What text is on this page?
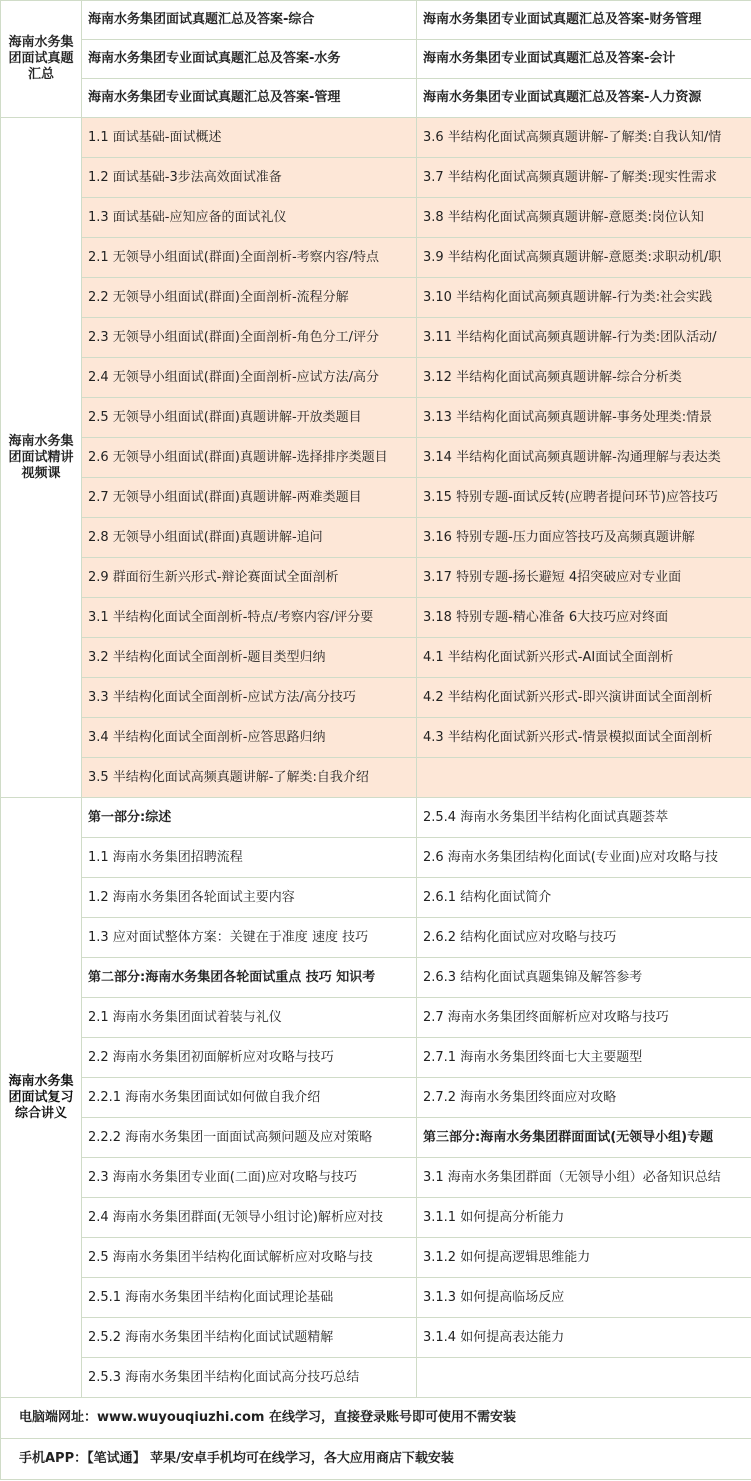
海南水务集团面试真题汇总	海南水务集团面试真题汇总及答案-综合	海南水务集团专业面试真题汇总及答案-财务管理
	海南水务集团专业面试真题汇总及答案-水务	海南水务集团专业面试真题汇总及答案-会计
	海南水务集团专业面试真题汇总及答案-管理	海南水务集团专业面试真题汇总及答案-人力资源
海南水务集团面试精讲视频课	1.1 面试基础-面试概述	3.6 半结构化面试高频真题讲解-了解类:自我认知/情
	1.2 面试基础-3步法高效面试准备	3.7 半结构化面试高频真题讲解-了解类:现实性需求
	1.3 面试基础-应知应备的面试礼仪	3.8 半结构化面试高频真题讲解-意愿类:岗位认知
	2.1 无领导小组面试(群面)全面剖析-考察内容/特点	3.9 半结构化面试高频真题讲解-意愿类:求职动机/职
	2.2 无领导小组面试(群面)全面剖析-流程分解	3.10 半结构化面试高频真题讲解-行为类:社会实践
	2.3 无领导小组面试(群面)全面剖析-角色分工/评分	3.11 半结构化面试高频真题讲解-行为类:团队活动/
	2.4 无领导小组面试(群面)全面剖析-应试方法/高分	3.12 半结构化面试高频真题讲解-综合分析类
	2.5 无领导小组面试(群面)真题讲解-开放类题目	3.13 半结构化面试高频真题讲解-事务处理类:情景
	2.6 无领导小组面试(群面)真题讲解-选择排序类题目	3.14 半结构化面试高频真题讲解-沟通理解与表达类
	2.7 无领导小组面试(群面)真题讲解-两难类题目	3.15 特别专题-面试反转(应聘者提问环节)应答技巧
	2.8 无领导小组面试(群面)真题讲解-追问	3.16 特别专题-压力面应答技巧及高频真题讲解
	2.9 群面衍生新兴形式-辩论赛面试全面剖析	3.17 特别专题-扬长避短 4招突破应对专业面
	3.1 半结构化面试全面剖析-特点/考察内容/评分要	3.18 特别专题-精心准备 6大技巧应对终面
	3.2 半结构化面试全面剖析-题目类型归纳	4.1 半结构化面试新兴形式-AI面试全面剖析
	3.3 半结构化面试全面剖析-应试方法/高分技巧	4.2 半结构化面试新兴形式-即兴演讲面试全面剖析
	3.4 半结构化面试全面剖析-应答思路归纳	4.3 半结构化面试新兴形式-情景模拟面试全面剖析
	3.5 半结构化面试高频真题讲解-了解类:自我介绍	
海南水务集团面试复习综合讲义	第一部分:综述	2.5.4 海南水务集团半结构化面试真题荟萃
	1.1 海南水务集团招聘流程	2.6 海南水务集团结构化面试(专业面)应对攻略与技
	1.2 海南水务集团各轮面试主要内容	2.6.1 结构化面试简介
	1.3 应对面试整体方案：关键在于准度 速度 技巧	2.6.2 结构化面试应对攻略与技巧
	第二部分:海南水务集团各轮面试重点 技巧 知识考	2.6.3 结构化面试真题集锦及解答参考
	2.1 海南水务集团面试着装与礼仪	2.7 海南水务集团终面解析应对攻略与技巧
	2.2 海南水务集团初面解析应对攻略与技巧	2.7.1 海南水务集团终面七大主要题型
	2.2.1 海南水务集团面试如何做自我介绍	2.7.2 海南水务集团终面应对攻略
	2.2.2 海南水务集团一面面试高频问题及应对策略	第三部分:海南水务集团群面面试(无领导小组)专题
	2.3 海南水务集团专业面(二面)应对攻略与技巧	3.1 海南水务集团群面（无领导小组）必备知识总结
	2.4 海南水务集团群面(无领导小组讨论)解析应对技	3.1.1 如何提高分析能力
	2.5 海南水务集团半结构化面试解析应对攻略与技	3.1.2 如何提高逻辑思维能力
	2.5.1 海南水务集团半结构化面试理论基础	3.1.3 如何提高临场反应
	2.5.2 海南水务集团半结构化面试试题精解	3.1.4 如何提高表达能力
	2.5.3 海南水务集团半结构化面试高分技巧总结	
电脑端网址：www.wuyouqiuzhi.com 在线学习，直接登录账号即可使用不需安装		
手机APP：【笔试通】 苹果/安卓手机均可在线学习，各大应用商店下载安装		
